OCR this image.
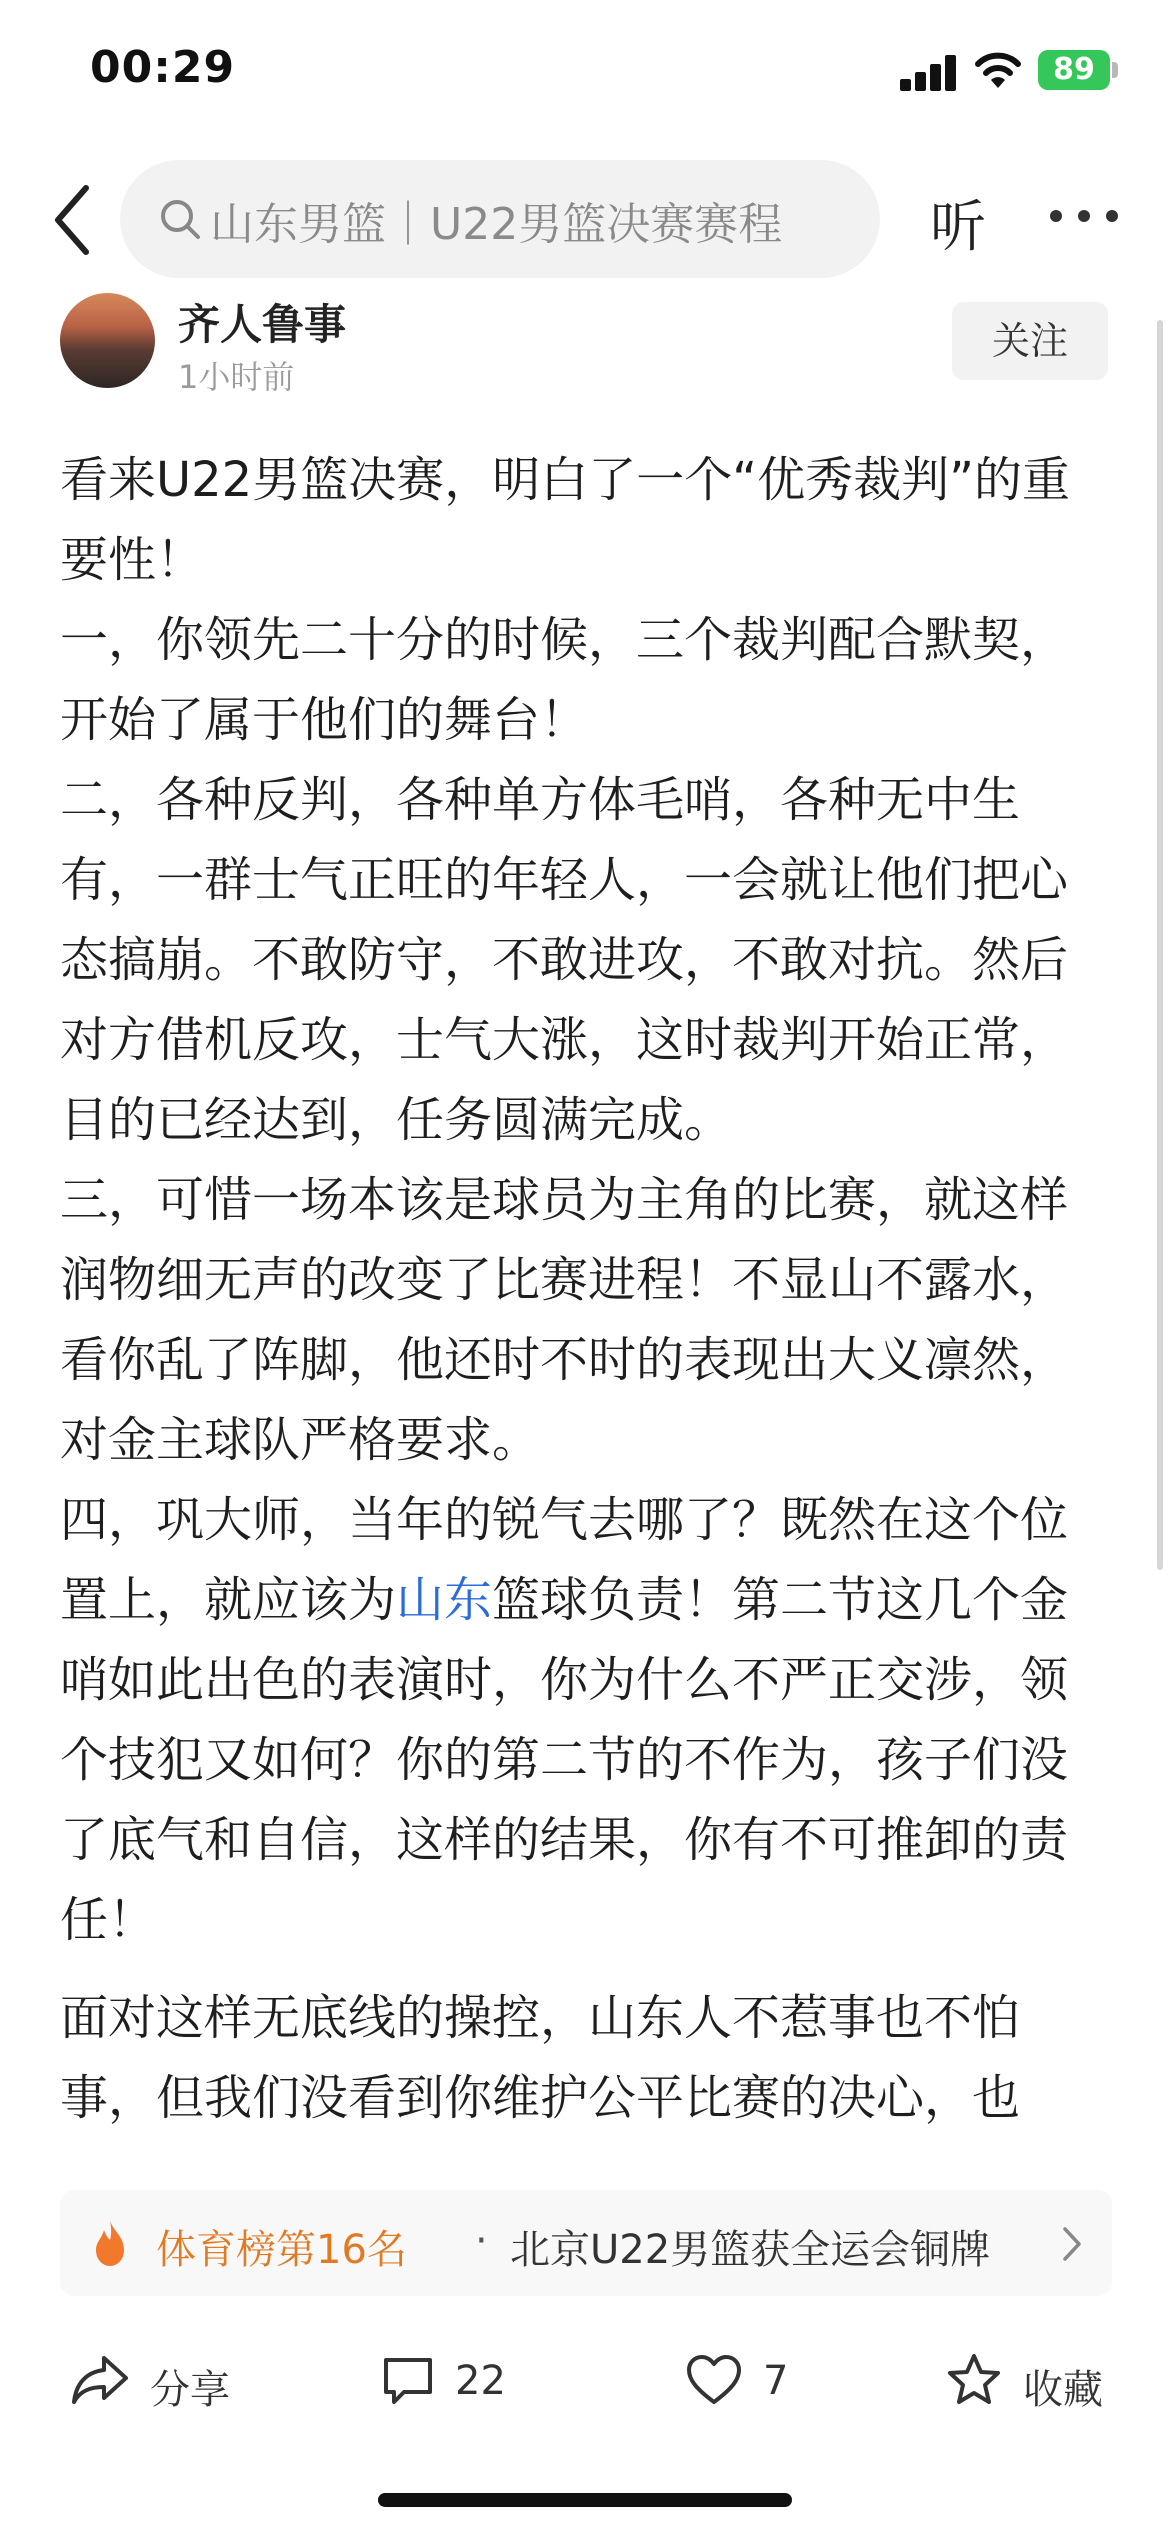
00:29	89
山东男篮｜U22男篮决赛赛程	听
齐人鲁事
1小时前
关注

看来U22男篮决赛，明白了一个“优秀裁判”的重要性！

一，你领先二十分的时候，三个裁判配合默契，开始了属于他们的舞台！

二，各种反判，各种单方体毛哨，各种无中生有，一群士气正旺的年轻人，一会就让他们把心态搞崩。不敢防守，不敢进攻，不敢对抗。然后对方借机反攻，士气大涨，这时裁判开始正常，目的已经达到，任务圆满完成。

三，可惜一场本该是球员为主角的比赛，就这样润物细无声的改变了比赛进程！不显山不露水，看你乱了阵脚，他还时不时的表现出大义凛然，对金主球队严格要求。

四，巩大师，当年的锐气去哪了？既然在这个位置上，就应该为山东篮球负责！第二节这几个金哨如此出色的表演时，你为什么不严正交涉，领个技犯又如何？你的第二节的不作为，孩子们没了底气和自信，这样的结果，你有不可推卸的责任！

面对这样无底线的操控，山东人不惹事也不怕事，但我们没看到你维护公平比赛的决心，也

体育榜第16名 · 北京U22男篮获全运会铜牌
分享	22	7	收藏
